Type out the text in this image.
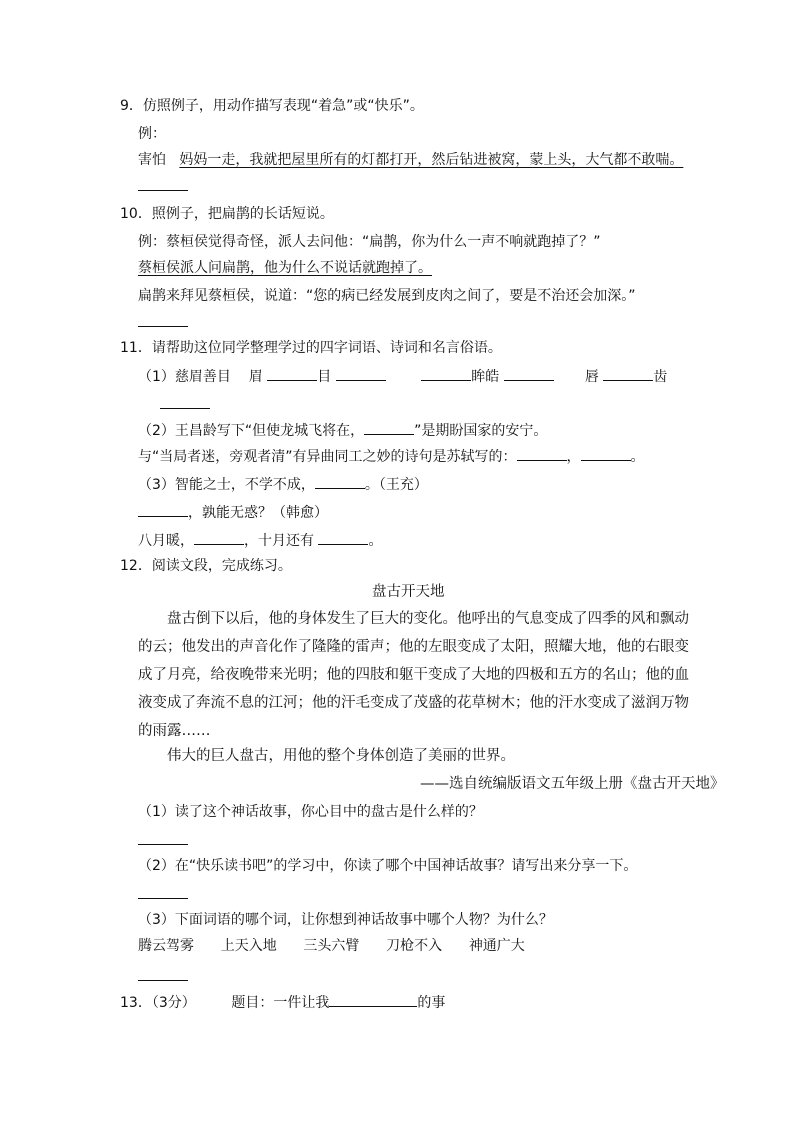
9．仿照例子，用动作描写表现“着急”或“快乐”。
例：
害怕 妈妈一走，我就把屋里所有的灯都打开，然后钻进被窝，蒙上头，大气都不敢喘。
10．照例子，把扁鹊的长话短说。
例：蔡桓侯觉得奇怪，派人去问他：“扁鹊，你为什么一声不响就跑掉了？”
蔡桓侯派人问扁鹊，他为什么不说话就跑掉了。
扁鹊来拜见蔡桓侯，说道：“您的病已经发展到皮肉之间了，要是不治还会加深。”
11．请帮助这位同学整理学过的四字词语、诗词和名言俗语。
（1）慈眉善目 眉	目	眸皓	唇	齿
（2）王昌龄写下“但使龙城飞将在，	”是期盼国家的安宁。
与“当局者迷，旁观者清”有异曲同工之妙的诗句是苏轼写的：	，	。
（3）智能之士，不学不成，	。（王充）
，孰能无惑？（韩愈）
八月暖，	，十月还有	。
12．阅读文段，完成练习。
盘古开天地
盘古倒下以后，他的身体发生了巨大的变化。他呼出的气息变成了四季的风和飘动的云；他发出的声音化作了隆隆的雷声；他的左眼变成了太阳，照耀大地，他的右眼变成了月亮，给夜晚带来光明；他的四肢和躯干变成了大地的四极和五方的名山；他的血液变成了奔流不息的江河；他的汗毛变成了茂盛的花草树木；他的汗水变成了滋润万物的雨露……
伟大的巨人盘古，用他的整个身体创造了美丽的世界。
——选自统编版语文五年级上册《盘古开天地》
（1）读了这个神话故事，你心目中的盘古是什么样的？
（2）在“快乐读书吧”的学习中，你读了哪个中国神话故事？请写出来分享一下。
（3）下面词语的哪个词，让你想到神话故事中哪个人物？为什么？
腾云驾雾 上天入地 三头六臂 刀枪不入 神通广大
13．（3分）	题目：一件让我	的事
